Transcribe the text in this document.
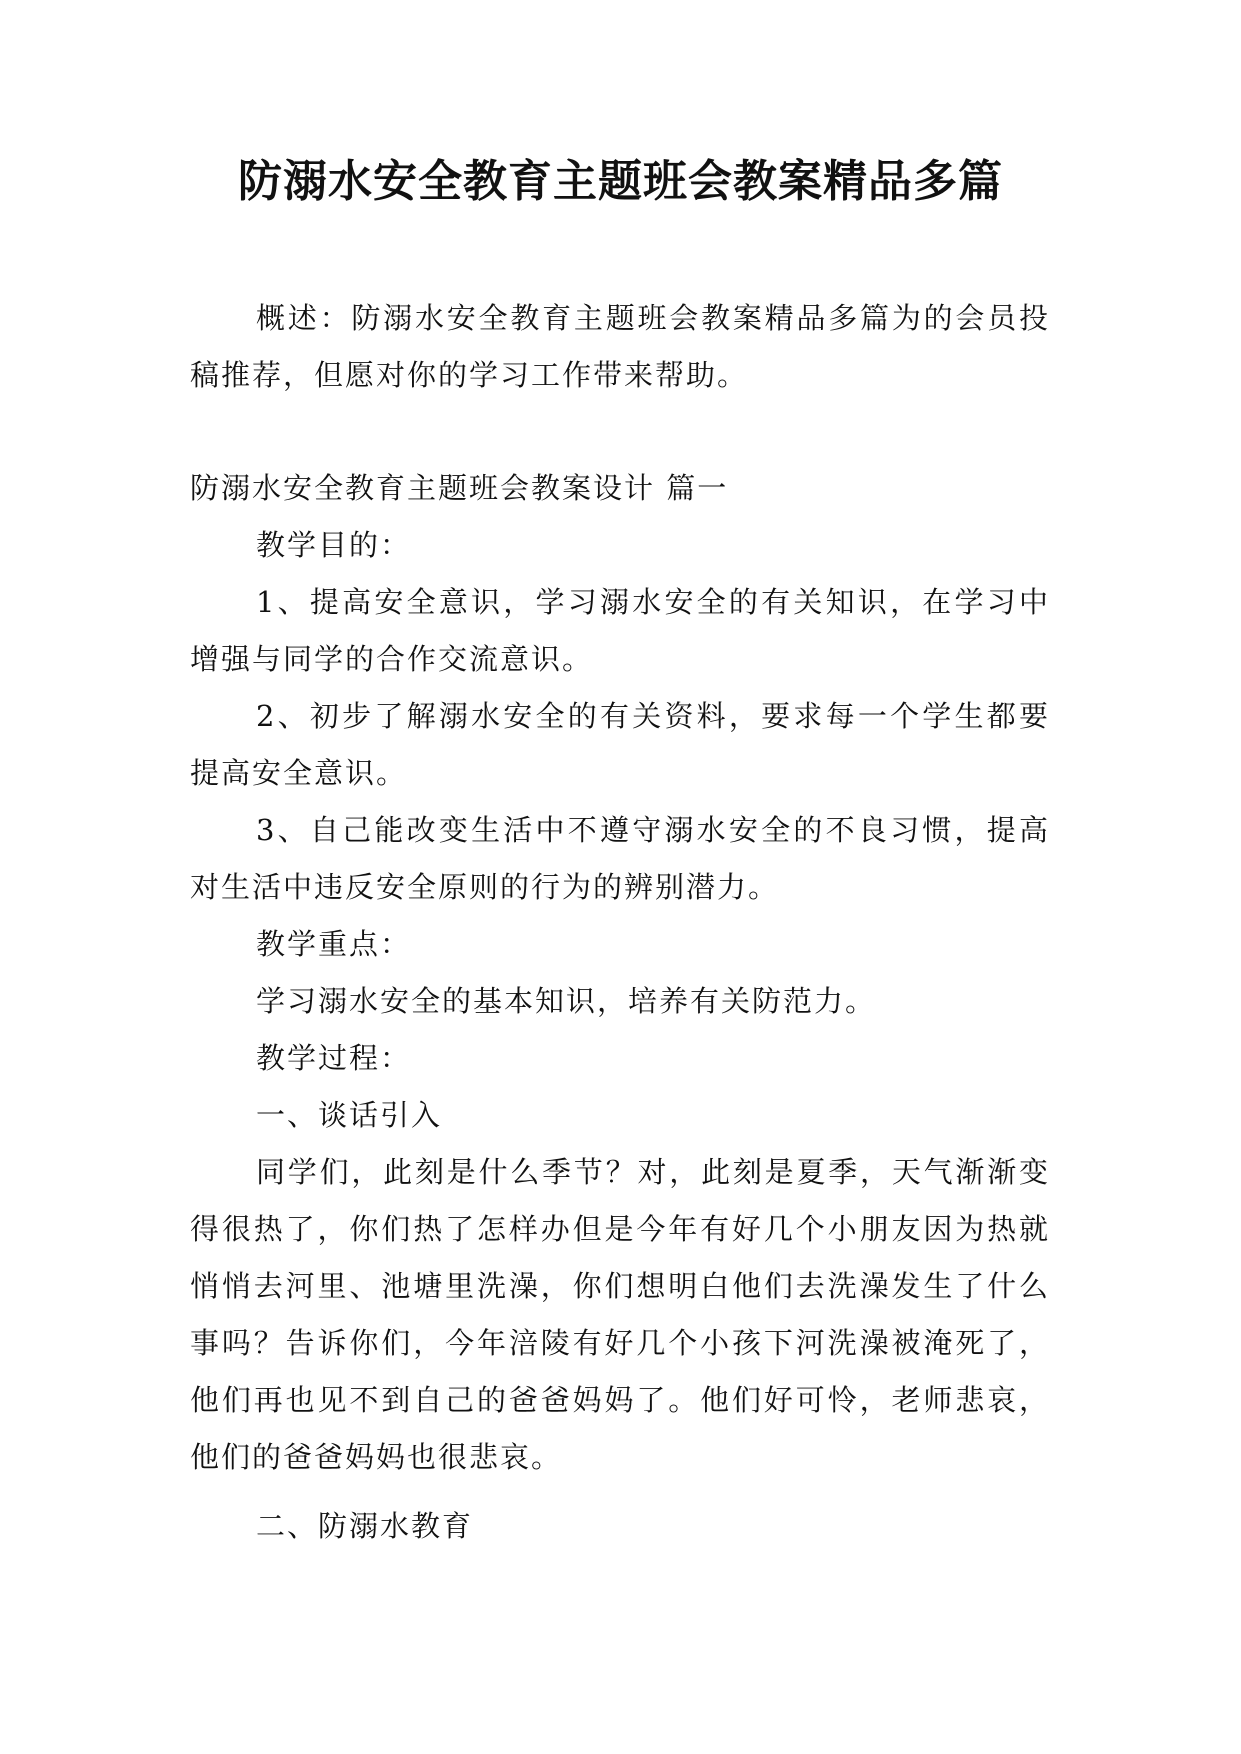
防溺水安全教育主题班会教案精品多篇

概述：防溺水安全教育主题班会教案精品多篇为的会员投稿推荐，但愿对你的学习工作带来帮助。

防溺水安全教育主题班会教案设计 篇一

教学目的：

1、提高安全意识，学习溺水安全的有关知识，在学习中增强与同学的合作交流意识。

2、初步了解溺水安全的有关资料，要求每一个学生都要提高安全意识。

3、自己能改变生活中不遵守溺水安全的不良习惯，提高对生活中违反安全原则的行为的辨别潜力。

教学重点：

学习溺水安全的基本知识，培养有关防范力。

教学过程：

一、谈话引入

同学们，此刻是什么季节？对，此刻是夏季，天气渐渐变得很热了，你们热了怎样办但是今年有好几个小朋友因为热就悄悄去河里、池塘里洗澡，你们想明白他们去洗澡发生了什么事吗？告诉你们，今年涪陵有好几个小孩下河洗澡被淹死了，他们再也见不到自己的爸爸妈妈了。他们好可怜，老师悲哀，他们的爸爸妈妈也很悲哀。

二、防溺水教育
